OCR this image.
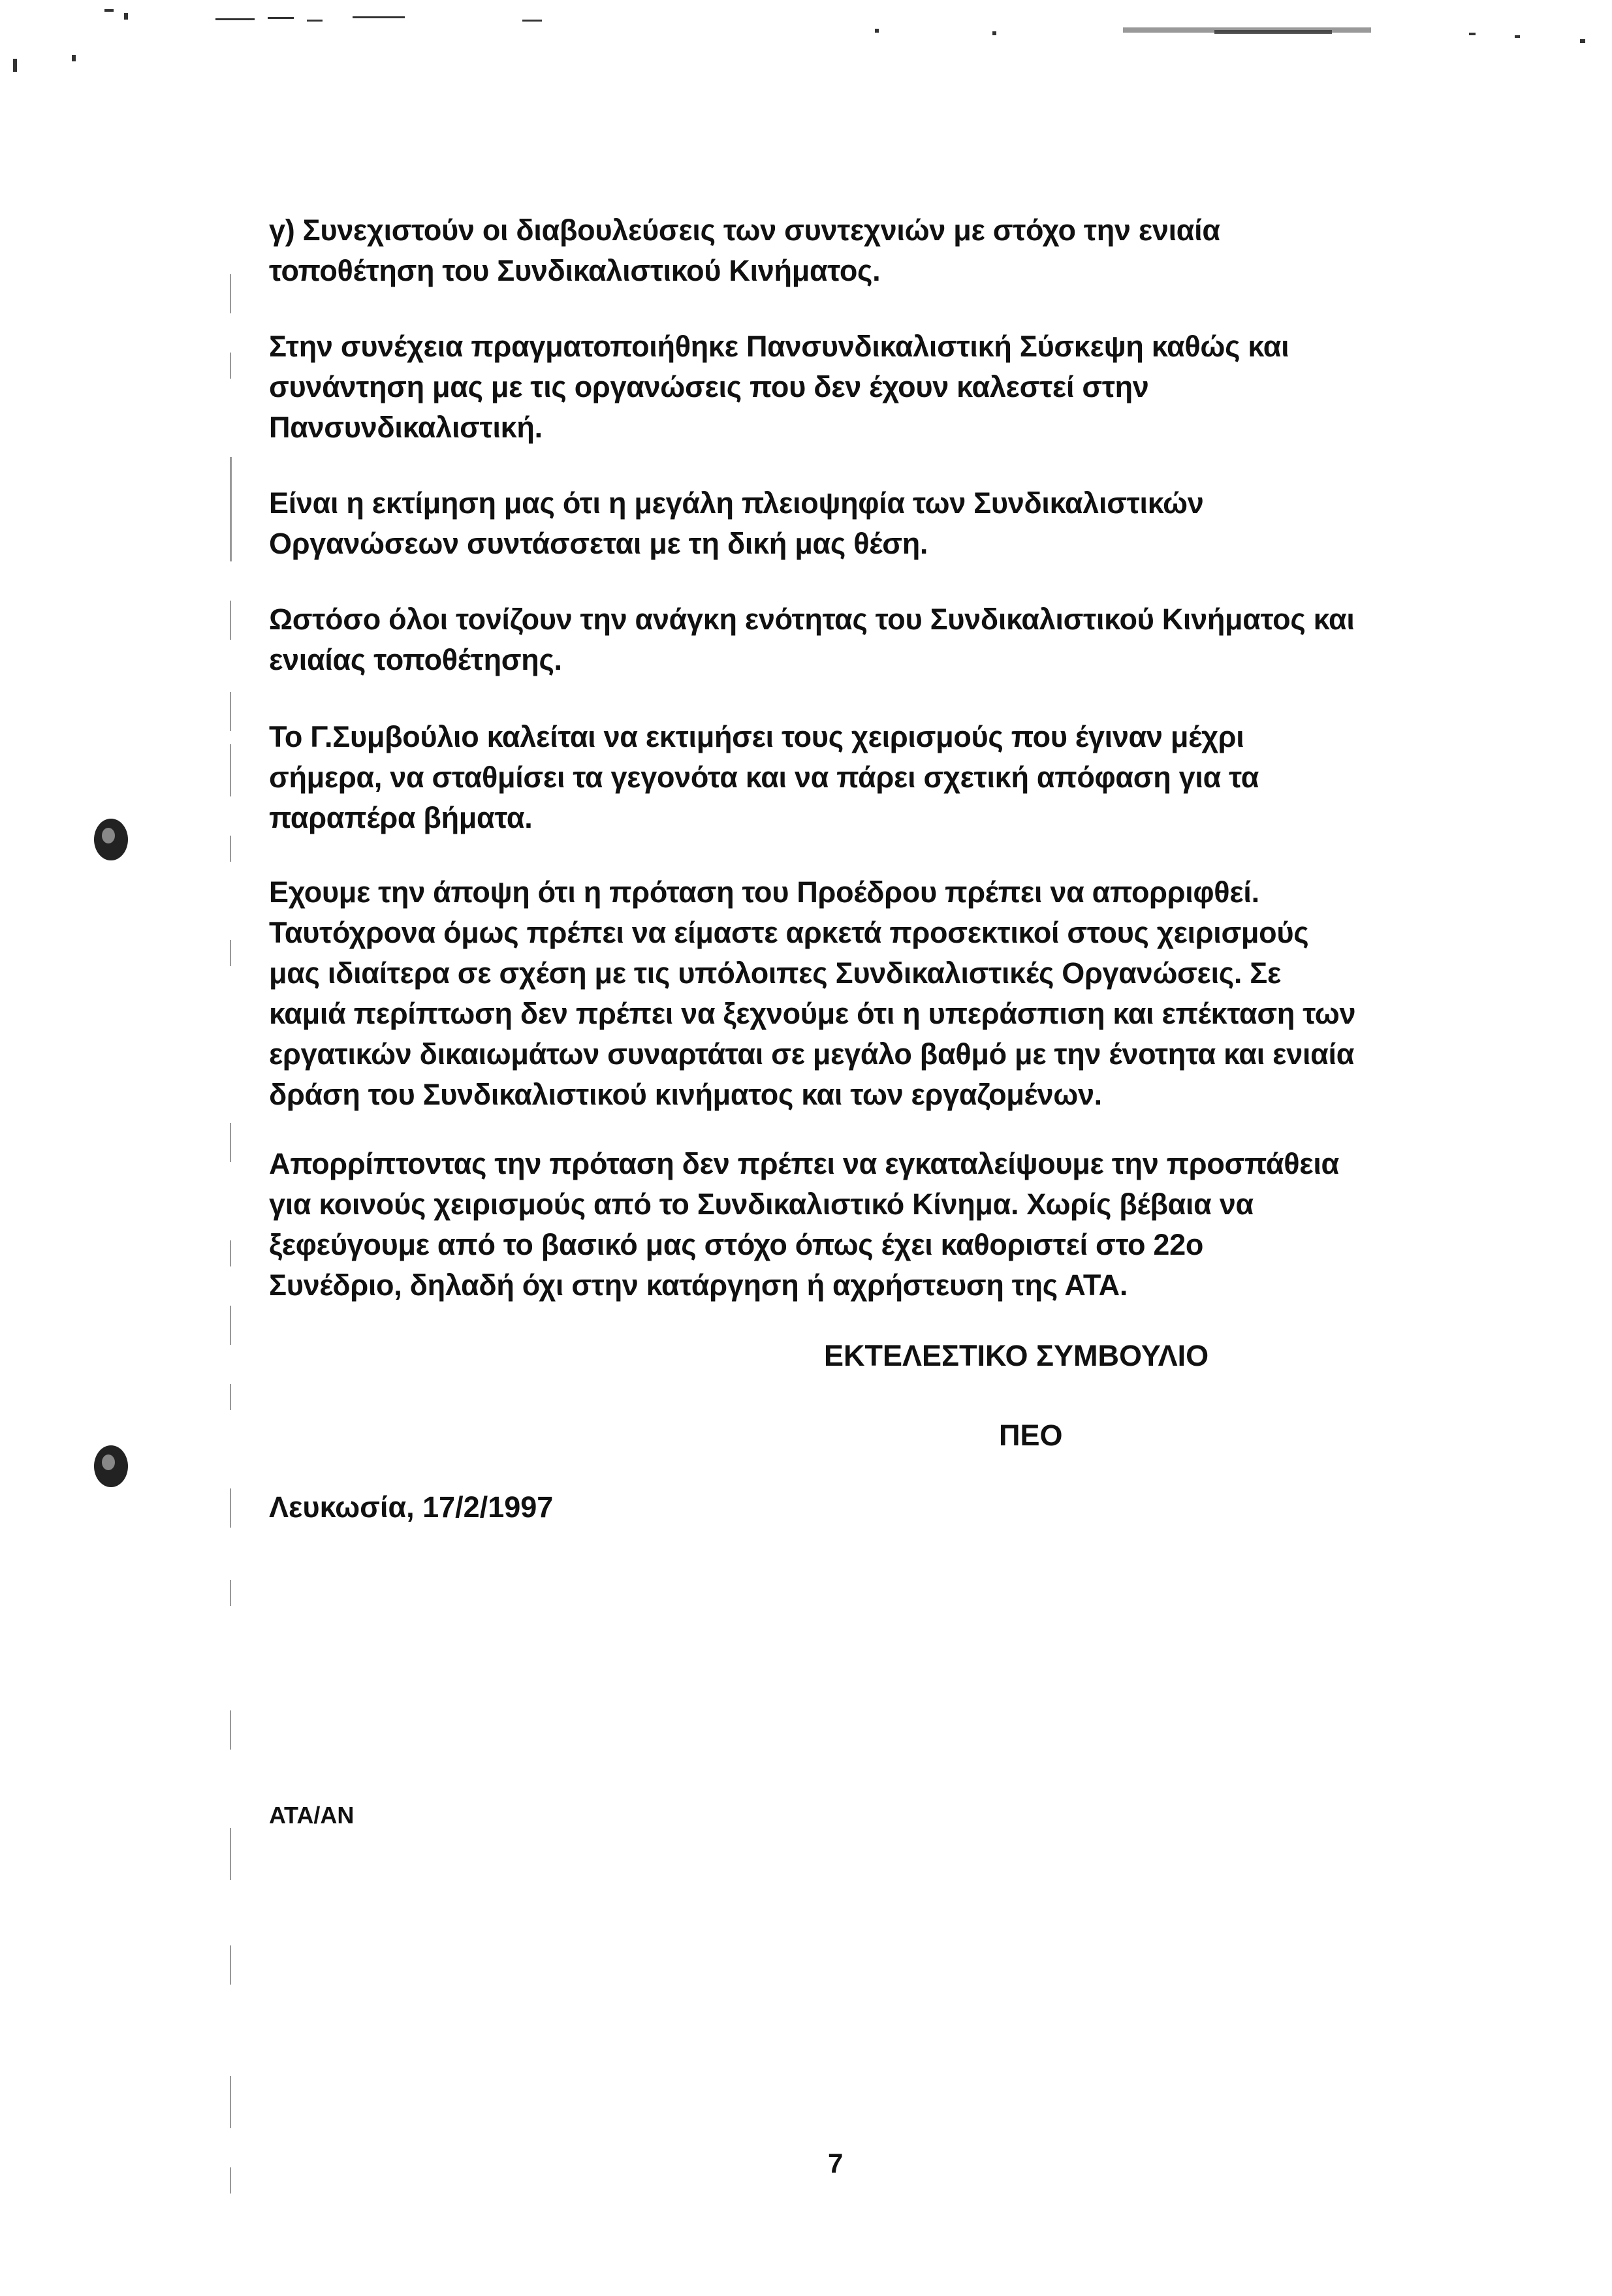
γ) Συνεχιστούν οι διαβουλεύσεις των συντεχνιών με στόχο την ενιαία
τοποθέτηση του Συνδικαλιστικού Κινήματος.
Στην συνέχεια πραγματοποιήθηκε Πανσυνδικαλιστική Σύσκεψη καθώς και
συνάντηση μας με τις οργανώσεις που δεν έχουν καλεστεί στην
Πανσυνδικαλιστική.
Είναι η εκτίμηση μας ότι η μεγάλη πλειοψηφία των Συνδικαλιστικών
Οργανώσεων συντάσσεται με τη δική μας θέση.
Ωστόσο όλοι τονίζουν την ανάγκη ενότητας του Συνδικαλιστικού Κινήματος και
ενιαίας τοποθέτησης.
Το Γ.Συμβούλιο καλείται να εκτιμήσει τους χειρισμούς που έγιναν μέχρι
σήμερα, να σταθμίσει τα γεγονότα και να πάρει σχετική απόφαση για τα
παραπέρα βήματα.
Εχουμε την άποψη ότι η πρόταση του Προέδρου πρέπει να απορριφθεί.
Ταυτόχρονα όμως πρέπει να είμαστε αρκετά προσεκτικοί στους χειρισμούς
μας ιδιαίτερα σε σχέση με τις υπόλοιπες Συνδικαλιστικές Οργανώσεις. Σε
καμιά περίπτωση δεν πρέπει να ξεχνούμε ότι η υπεράσπιση και επέκταση των
εργατικών δικαιωμάτων συναρτάται σε μεγάλο βαθμό με την ένοτητα και ενιαία
δράση του Συνδικαλιστικού κινήματος και των εργαζομένων.
Απορρίπτοντας την πρόταση δεν πρέπει να εγκαταλείψουμε την προσπάθεια
για κοινούς χειρισμούς από το Συνδικαλιστικό Κίνημα. Χωρίς βέβαια να
ξεφεύγουμε από το βασικό μας στόχο όπως έχει καθοριστεί στο 22ο
Συνέδριο, δηλαδή όχι στην κατάργηση ή αχρήστευση της ΑΤΑ.
ΕΚΤΕΛΕΣΤΙΚΟ ΣΥΜΒΟΥΛΙΟ
ΠΕΟ
Λευκωσία, 17/2/1997
ΑΤΑ/ΑΝ
7
